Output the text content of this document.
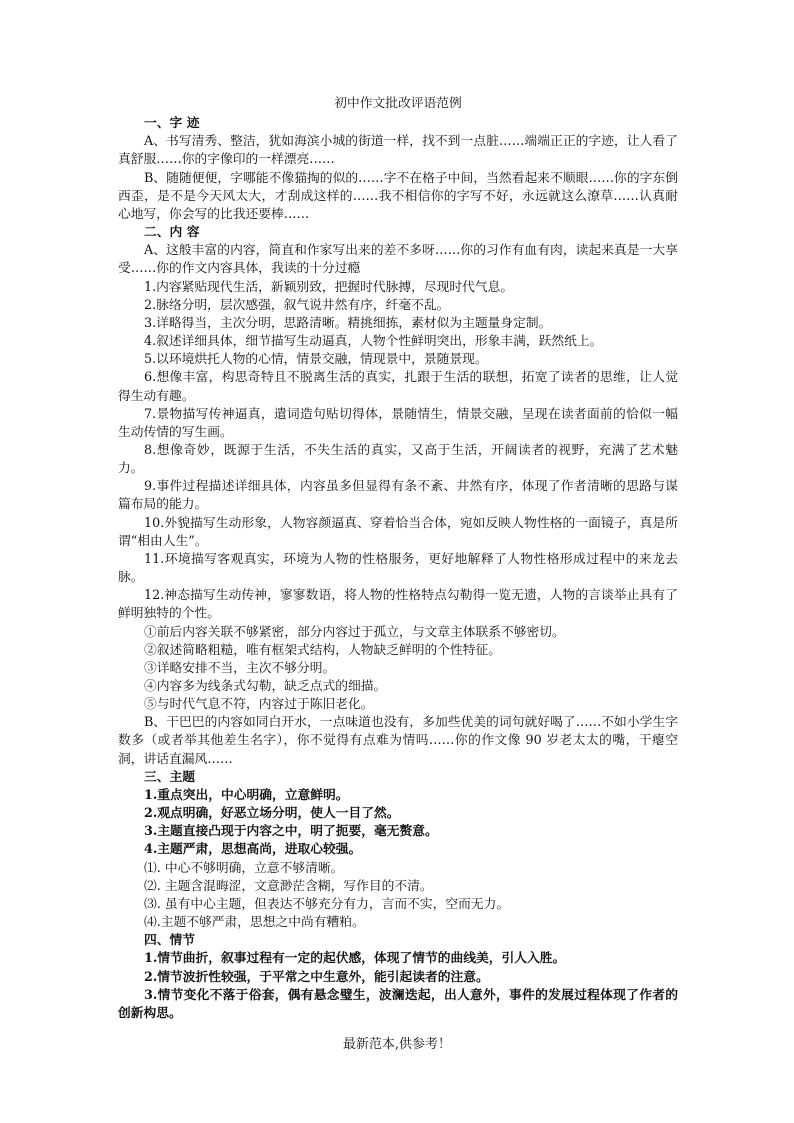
初中作文批改评语范例
一、字 迹
A、书写清秀、整洁，犹如海滨小城的街道一样，找不到一点脏……端端正正的字迹，让人看了真舒服……你的字像印的一样漂亮……
B、随随便便，字哪能不像猫掏的似的……字不在格子中间，当然看起来不顺眼……你的字东倒西歪，是不是今天风太大，才刮成这样的……我不相信你的字写不好，永远就这么潦草……认真耐心地写，你会写的比我还要棒……
二、内 容
A、这般丰富的内容，简直和作家写出来的差不多呀……你的习作有血有肉，读起来真是一大享受……你的作文内容具体，我读的十分过瘾
1.内容紧贴现代生活，新颖别致，把握时代脉搏，尽现时代气息。
2.脉络分明，层次感强，叙气说井然有序，纤毫不乱。
3.详略得当，主次分明，思路清晰。精挑细拣，素材似为主题量身定制。
4.叙述详细具体，细节描写生动逼真，人物个性鲜明突出，形象丰满，跃然纸上。
5.以环境烘托人物的心情，情景交融，情现景中，景随景现。
6.想像丰富，构思奇特且不脱离生活的真实，扎跟于生活的联想，拓宽了读者的思维，让人觉得生动有趣。
7.景物描写传神逼真，遣词造句贴切得体，景随情生，情景交融，呈现在读者面前的恰似一幅生动传情的写生画。
8.想像奇妙，既源于生活，不失生活的真实，又高于生活，开阔读者的视野，充满了艺术魅力。
9.事件过程描述详细具体，内容虽多但显得有条不紊、井然有序，体现了作者清晰的思路与谋篇布局的能力。
10.外貌描写生动形象，人物容颜逼真、穿着恰当合体，宛如反映人物性格的一面镜子，真是所谓“相由人生”。
11.环境描写客观真实，环境为人物的性格服务，更好地解释了人物性格形成过程中的来龙去脉。
12.神态描写生动传神，寥寥数语，将人物的性格特点勾勒得一览无遗，人物的言谈举止具有了鲜明独特的个性。
①前后内容关联不够紧密，部分内容过于孤立，与文章主体联系不够密切。
②叙述简略粗糙，唯有框架式结构，人物缺乏鲜明的个性特征。
③详略安排不当，主次不够分明。
④内容多为线条式勾勒，缺乏点式的细描。
⑤与时代气息不符，内容过于陈旧老化。
B、干巴巴的内容如同白开水，一点味道也没有，多加些优美的词句就好喝了……不如小学生字数多（或者举其他差生名字），你不觉得有点难为情吗……你的作文像 90 岁老太太的嘴，干瘪空洞，讲话直漏风……
三、主题
1.重点突出，中心明确，立意鲜明。
2.观点明确，好恶立场分明，使人一目了然。
3.主题直接凸现于内容之中，明了扼要，毫无赘意。
4.主题严肃，思想高尚，进取心较强。
⑴. 中心不够明确，立意不够清晰。
⑵. 主题含混晦涩，文意渺茫含糊，写作目的不清。
⑶. 虽有中心主题，但表达不够充分有力，言而不实，空而无力。
⑷.主题不够严肃，思想之中尚有糟粕。
四、情节
1.情节曲折，叙事过程有一定的起伏感，体现了情节的曲线美，引人入胜。
2.情节波折性较强，于平常之中生意外，能引起读者的注意。
3.情节变化不落于俗套，偶有悬念璧生，波澜迭起，出人意外，事件的发展过程体现了作者的创新构思。
最新范本,供参考！
